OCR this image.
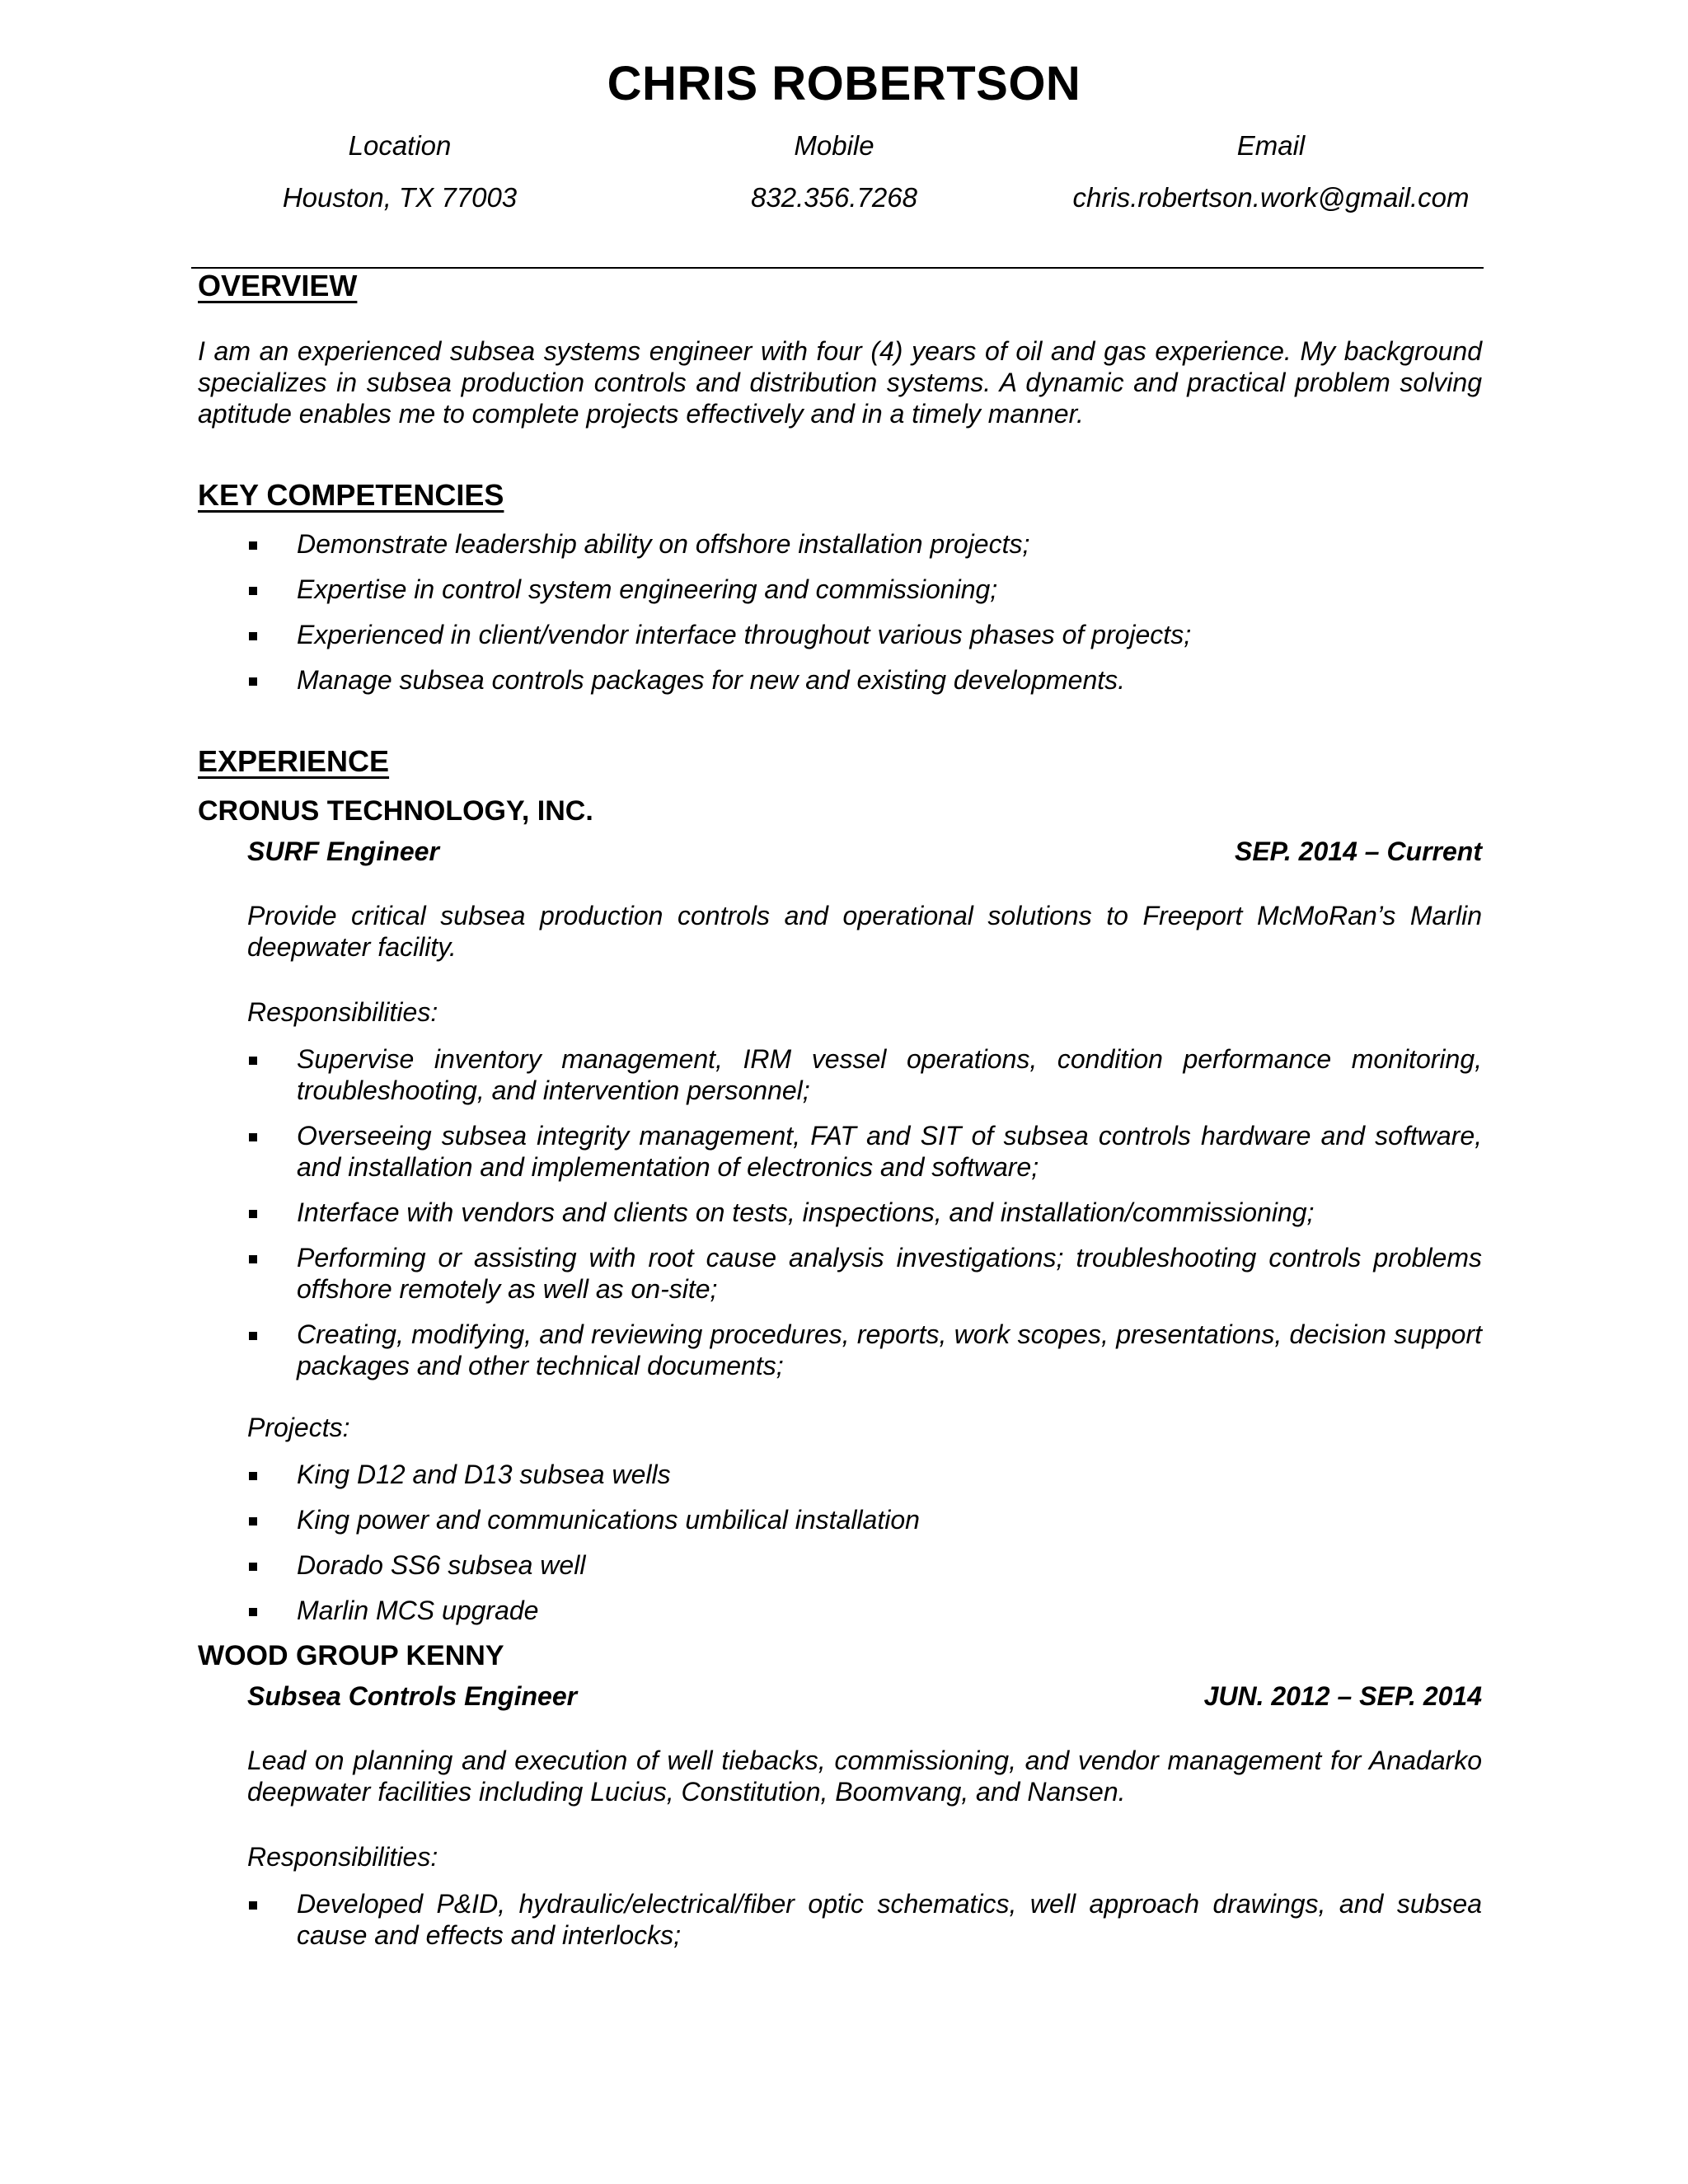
CHRIS ROBERTSON
Location
Houston, TX 77003
Mobile
832.356.7268
Email
chris.robertson.work@gmail.com
OVERVIEW
I am an experienced subsea systems engineer with four (4) years of oil and gas experience. My background specializes in subsea production controls and distribution systems. A dynamic and practical problem solving aptitude enables me to complete projects effectively and in a timely manner.
KEY COMPETENCIES
Demonstrate leadership ability on offshore installation projects;
Expertise in control system engineering and commissioning;
Experienced in client/vendor interface throughout various phases of projects;
Manage subsea controls packages for new and existing developments.
EXPERIENCE
CRONUS TECHNOLOGY, INC.
SURF Engineer	SEP. 2014 – Current
Provide critical subsea production controls and operational solutions to Freeport McMoRan’s Marlin deepwater facility.
Responsibilities:
Supervise inventory management, IRM vessel operations, condition performance monitoring, troubleshooting, and intervention personnel;
Overseeing subsea integrity management, FAT and SIT of subsea controls hardware and software, and installation and implementation of electronics and software;
Interface with vendors and clients on tests, inspections, and installation/commissioning;
Performing or assisting with root cause analysis investigations; troubleshooting controls problems offshore remotely as well as on-site;
Creating, modifying, and reviewing procedures, reports, work scopes, presentations, decision support packages and other technical documents;
Projects:
King D12 and D13 subsea wells
King power and communications umbilical installation
Dorado SS6 subsea well
Marlin MCS upgrade
WOOD GROUP KENNY
Subsea Controls Engineer	JUN. 2012 – SEP. 2014
Lead on planning and execution of well tiebacks, commissioning, and vendor management for Anadarko deepwater facilities including Lucius, Constitution, Boomvang, and Nansen.
Responsibilities:
Developed P&ID, hydraulic/electrical/fiber optic schematics, well approach drawings, and subsea cause and effects and interlocks;
